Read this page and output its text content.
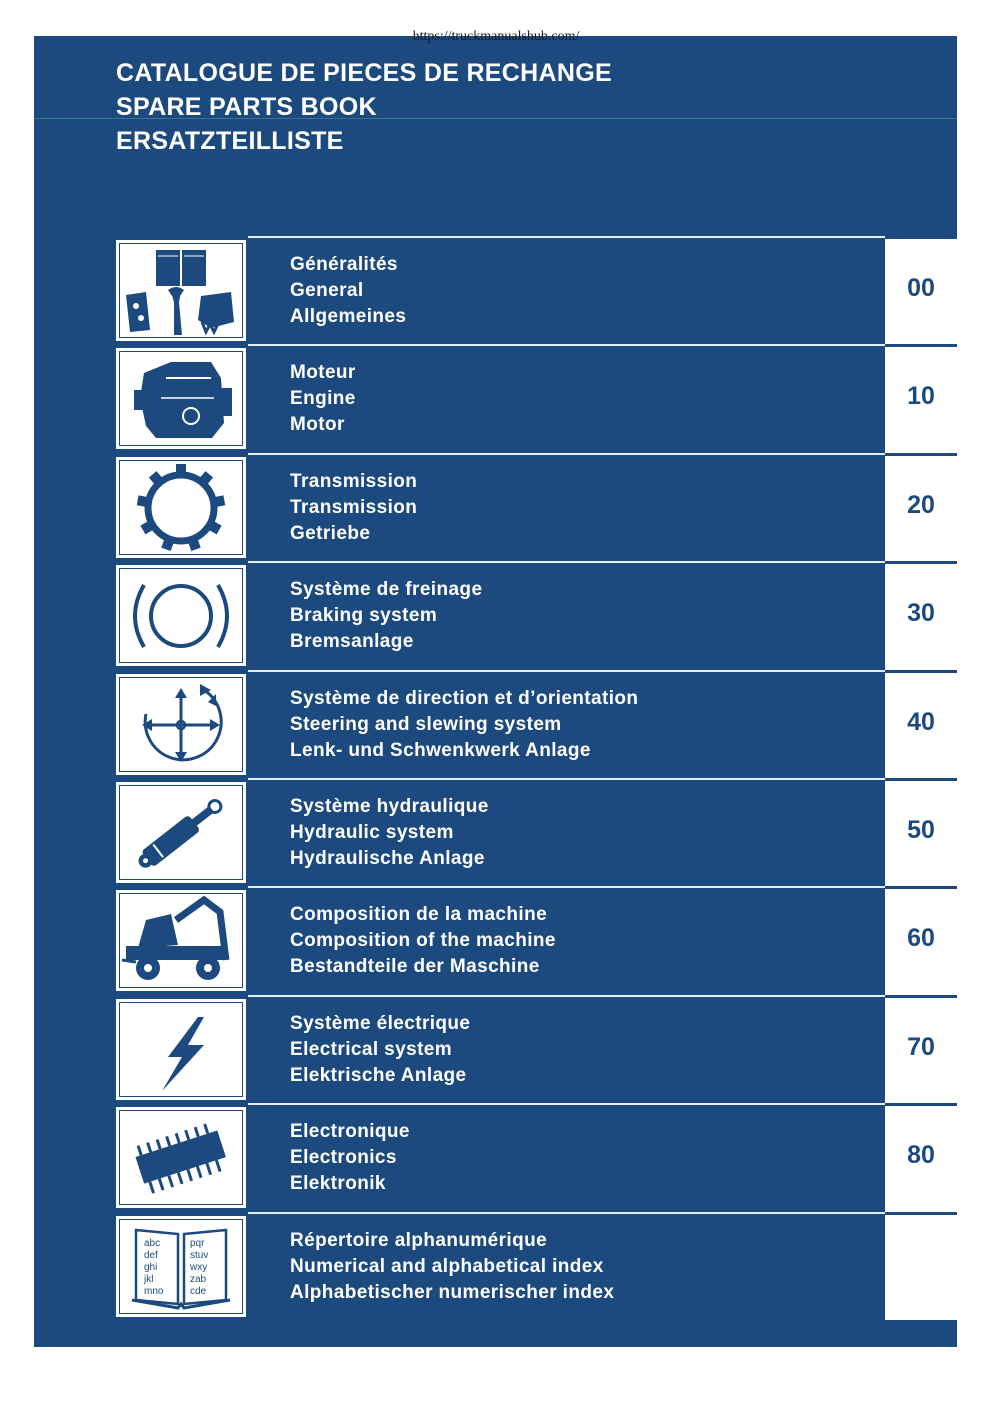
https://truckmanualshub.com/
CATALOGUE DE PIECES DE RECHANGE
SPARE PARTS BOOK
ERSATZTEILLISTE
Généralités
General
Allgemeines
00
Moteur
Engine
Motor
10
Transmission
Transmission
Getriebe
20
Système de freinage
Braking system
Bremsanlage
30
Système de direction et d’orientation
Steering and slewing system
Lenk- und Schwenkwerk Anlage
40
Système hydraulique
Hydraulic system
Hydraulische Anlage
50
Composition de la machine
Composition of the machine
Bestandteile der Maschine
60
Système électrique
Electrical system
Elektrische Anlage
70
Electronique
Electronics
Elektronik
80
abc
def
ghi
jkl
mno
pqr
stuv
wxy
zab
cde
Répertoire alphanumérique
Numerical and alphabetical index
Alphabetischer numerischer index
